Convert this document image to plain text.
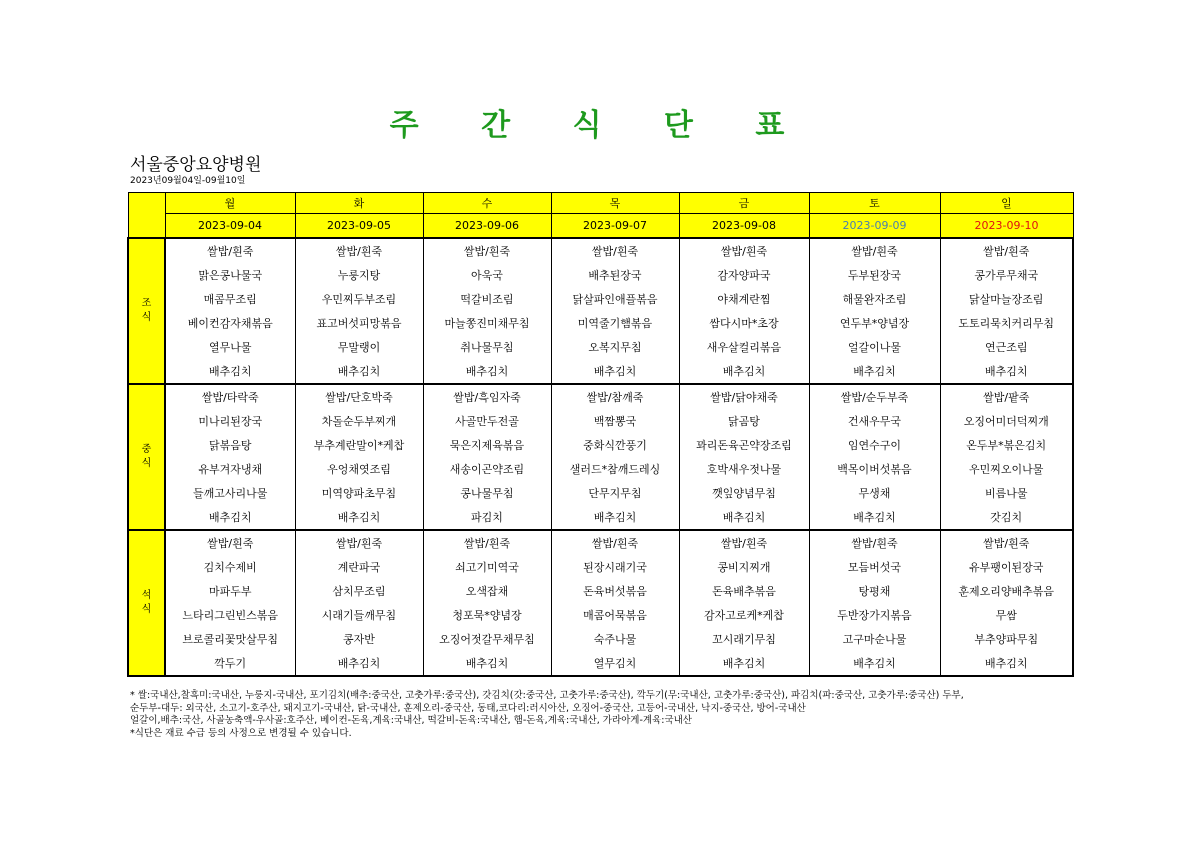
주 간 식 단 표
서울중앙요양병원
2023년09월04일-09월10일
	월	화	수	목	금	토	일
	2023-09-04	2023-09-05	2023-09-06	2023-09-07	2023-09-08	2023-09-09	2023-09-10
조
식	쌀밥/흰죽	쌀밥/흰죽	쌀밥/흰죽	쌀밥/흰죽	쌀밥/흰죽	쌀밥/흰죽	쌀밥/흰죽
	맑은콩나물국	누룽지탕	아욱국	배추된장국	감자양파국	두부된장국	콩가루무채국
	매콤무조림	우민찌두부조림	떡갈비조림	닭살파인애플볶음	야채계란찜	해물완자조림	닭살마늘장조림
	베이컨감자채볶음	표고버섯피망볶음	마늘쫑진미채무침	미역줄기햄볶음	쌈다시마*초장	연두부*양념장	도토리묵치커리무침
	열무나물	무말랭이	취나물무침	오복지무침	새우살컬리볶음	얼갈이나물	연근조림
	배추김치	배추김치	배추김치	배추김치	배추김치	배추김치	배추김치
중
식	쌀밥/타락죽	쌀밥/단호박죽	쌀밥/흑임자죽	쌀밥/참깨죽	쌀밥/닭야채죽	쌀밥/순두부죽	쌀밥/팥죽
	미나리된장국	차돌순두부찌개	사골만두전골	백짬뽕국	닭곰탕	건새우무국	오징어미더덕찌개
	닭볶음탕	부추계란말이*케찹	묵은지제육볶음	중화식깐풍기	꽈리돈육곤약장조림	임연수구이	온두부*볶은김치
	유부겨자냉채	우엉채엿조림	새송이곤약조림	샐러드*참깨드레싱	호박새우젓나물	백목이버섯볶음	우민찌오이나물
	들깨고사리나물	미역양파초무침	콩나물무침	단무지무침	깻잎양념무침	무생채	비름나물
	배추김치	배추김치	파김치	배추김치	배추김치	배추김치	갓김치
석
식	쌀밥/흰죽	쌀밥/흰죽	쌀밥/흰죽	쌀밥/흰죽	쌀밥/흰죽	쌀밥/흰죽	쌀밥/흰죽
	김치수제비	계란파국	쇠고기미역국	된장시래기국	콩비지찌개	모듬버섯국	유부팽이된장국
	마파두부	삼치무조림	오색잡채	돈육버섯볶음	돈육배추볶음	탕평채	훈제오리양배추볶음
	느타리그린빈스볶음	시래기들깨무침	청포묵*양념장	매콤어묵볶음	감자고로케*케찹	두반장가지볶음	무쌈
	브로콜리꽃맛살무침	콩자반	오징어젓갈무채무침	숙주나물	꼬시래기무침	고구마순나물	부추양파무침
	깍두기	배추김치	배추김치	열무김치	배추김치	배추김치	배추김치

* 쌀:국내산,찰흑미:국내산, 누룽지-국내산, 포기김치(배추:중국산, 고춧가루:중국산), 갓김치(갓:중국산, 고춧가루:중국산), 깍두기(무:국내산, 고춧가루:중국산), 파김치(파:중국산, 고춧가루:중국산) 두부,

순두부-대두: 외국산, 소고기-호주산, 돼지고기-국내산, 닭-국내산, 훈제오리-중국산, 동태,코다리:러시아산, 오징어-중국산, 고등어-국내산, 낙지-중국산, 방어-국내산

얼갈이,배추:국산, 사골농축액-우사골:호주산, 베이컨-돈육,계육:국내산, 떡갈비-돈육:국내산, 햄-돈육,계육:국내산, 가라아게-계육:국내산

*식단은 재료 수급 등의 사정으로 변경될 수 있습니다.
